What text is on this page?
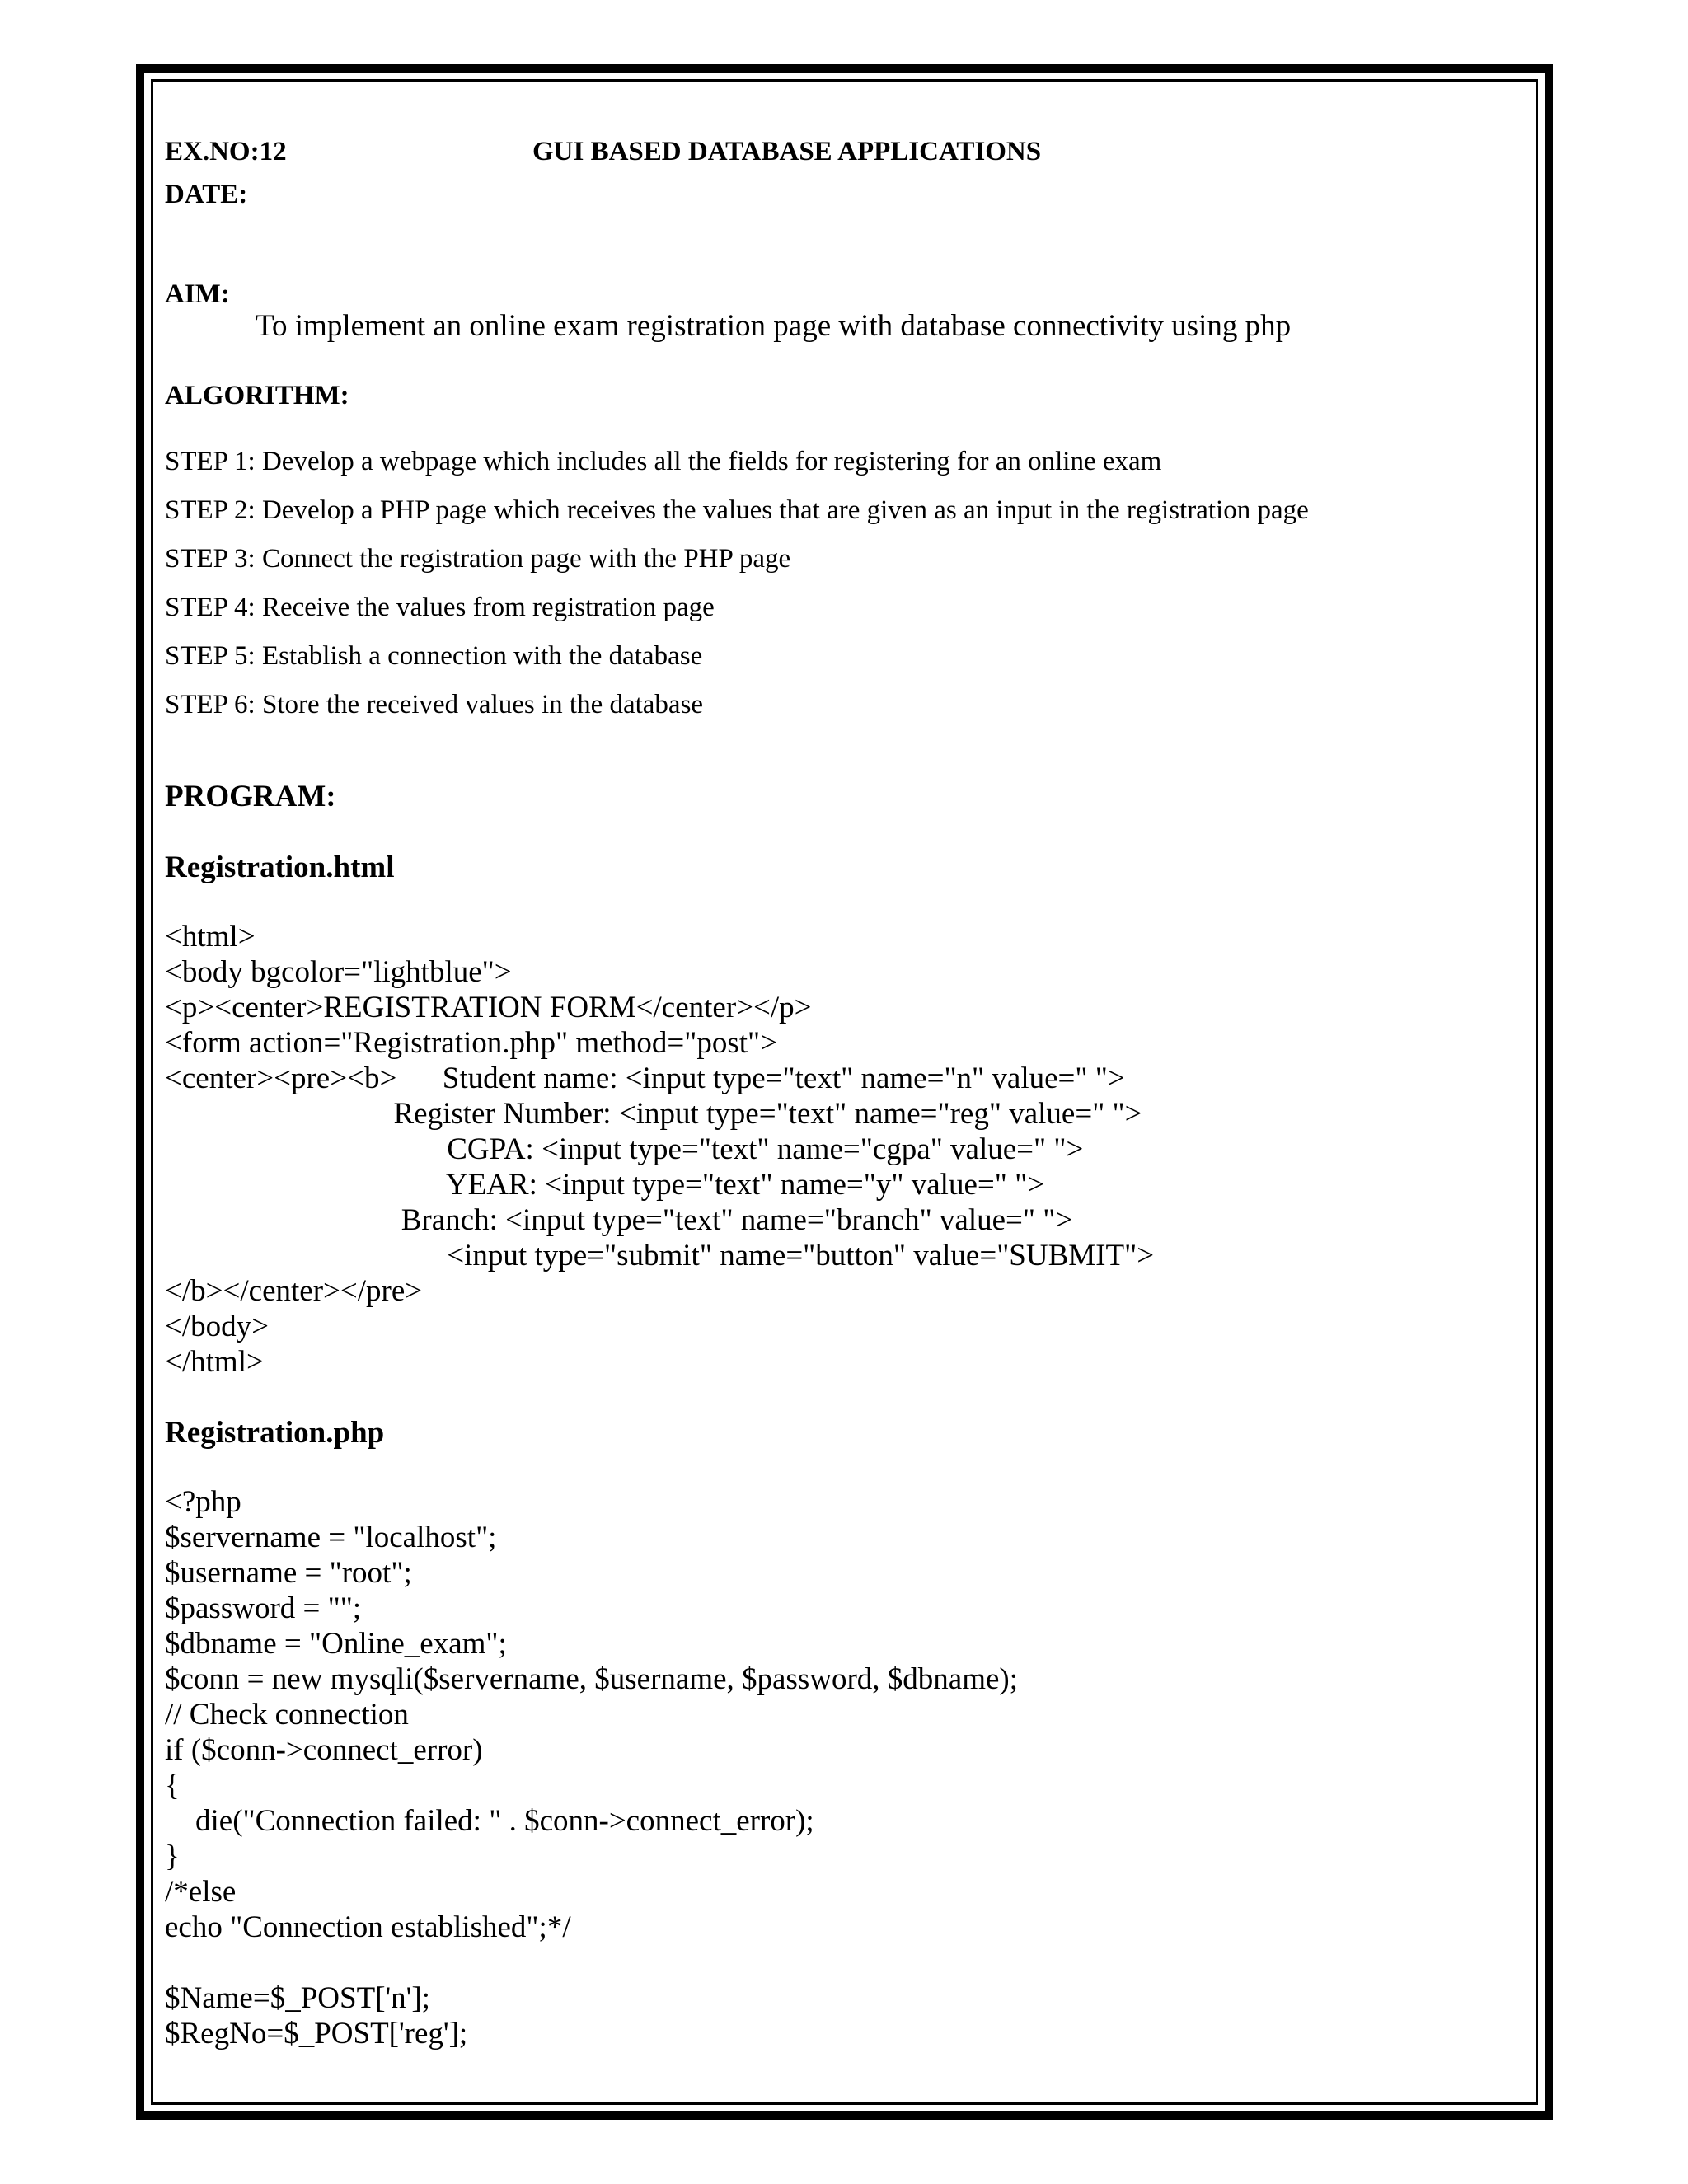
EX.NO:12	GUI BASED DATABASE APPLICATIONS
DATE:
AIM:
To implement an online exam registration page with database connectivity using php
ALGORITHM:
STEP 1: Develop a webpage which includes all the fields for registering for an online exam
STEP 2: Develop a PHP page which receives the values that are given as an input in the registration page
STEP 3: Connect the registration page with the PHP page
STEP 4: Receive the values from registration page
STEP 5: Establish a connection with the database
STEP 6: Store the received values in the database
PROGRAM:
Registration.html
<html>
<body bgcolor="lightblue">
<p><center>REGISTRATION FORM</center></p>
<form action="Registration.php" method="post">
<center><pre><b>      Student name: <input type="text" name="n" value=" ">
Register Number: <input type="text" name="reg" value=" ">
CGPA: <input type="text" name="cgpa" value=" ">
YEAR: <input type="text" name="y" value=" ">
Branch: <input type="text" name="branch" value=" ">
<input type="submit" name="button" value="SUBMIT">
</b></center></pre>
</body>
</html>
Registration.php
<?php
$servername = "localhost";
$username = "root";
$password = "";
$dbname = "Online_exam";
$conn = new mysqli($servername, $username, $password, $dbname);
// Check connection
if ($conn->connect_error)
{
die("Connection failed: " . $conn->connect_error);
}
/*else
echo "Connection established";*/
$Name=$_POST['n'];
$RegNo=$_POST['reg'];
